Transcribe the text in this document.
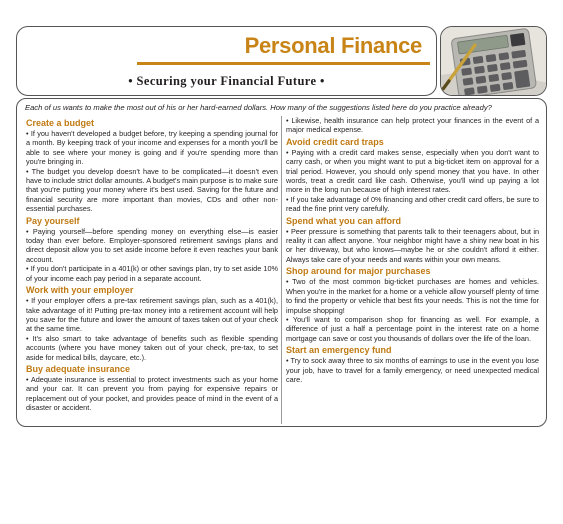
Personal Finance
• Securing your Financial Future •
Each of us wants to make the most out of his or her hard-earned dollars. How many of the suggestions listed here do you practice already?
Create a budget

• If you haven't developed a budget before, try keeping a spending journal for a month. By keeping track of your income and expenses for a month you'll be able to see where your money is going and if you're spending more than you're bringing in.

• The budget you develop doesn't have to be complicated—it doesn't even have to include strict dollar amounts. A budget's main purpose is to make sure that you're putting your money where it's best used. Saving for the future and financial security are more important than movies, CDs and other non-essential purchases.

Pay yourself

• Paying yourself—before spending money on everything else—is easier today than ever before. Employer-sponsored retirement savings plans and direct deposit allow you to set aside income before it even reaches your bank account.

• If you don't participate in a 401(k) or other savings plan, try to set aside 10% of your income each pay period in a separate account.

Work with your employer

• If your employer offers a pre-tax retirement savings plan, such as a 401(k), take advantage of it! Putting pre-tax money into a retirement account will help you save for the future and lower the amount of taxes taken out of your check at the same time.

• It's also smart to take advantage of benefits such as flexible spending accounts (where you have money taken out of your check, pre-tax, to set aside for medical bills, daycare, etc.).

Buy adequate insurance

• Adequate insurance is essential to protect investments such as your home and your car. It can prevent you from paying for expensive repairs or replacement out of your pocket, and provides peace of mind in the event of a disaster or accident.

• Likewise, health insurance can help protect your finances in the event of a major medical expense.

Avoid credit card traps

• Paying with a credit card makes sense, especially when you don't want to carry cash, or when you might want to put a big-ticket item on approval for a trial period. However, you should only spend money that you have. In other words, treat a credit card like cash. Otherwise, you'll wind up paying a lot more in the long run because of high interest rates.

• If you take advantage of 0% financing and other credit card offers, be sure to read the fine print very carefully.

Spend what you can afford

• Peer pressure is something that parents talk to their teenagers about, but in reality it can affect anyone. Your neighbor might have a shiny new boat in his or her driveway, but who knows—maybe he or she couldn't afford it either. Always take care of your needs and wants within your own means.

Shop around for major purchases

• Two of the most common big-ticket purchases are homes and vehicles. When you're in the market for a home or a vehicle allow yourself plenty of time to find the property or vehicle that best fits your needs. This is not the time for impulse shopping!

• You'll want to comparison shop for financing as well. For example, a difference of just a half a percentage point in the interest rate on a home mortgage can save or cost you thousands of dollars over the life of the loan.

Start an emergency fund

• Try to sock away three to six months of earnings to use in the event you lose your job, have to travel for a family emergency, or need unexpected medical care.
